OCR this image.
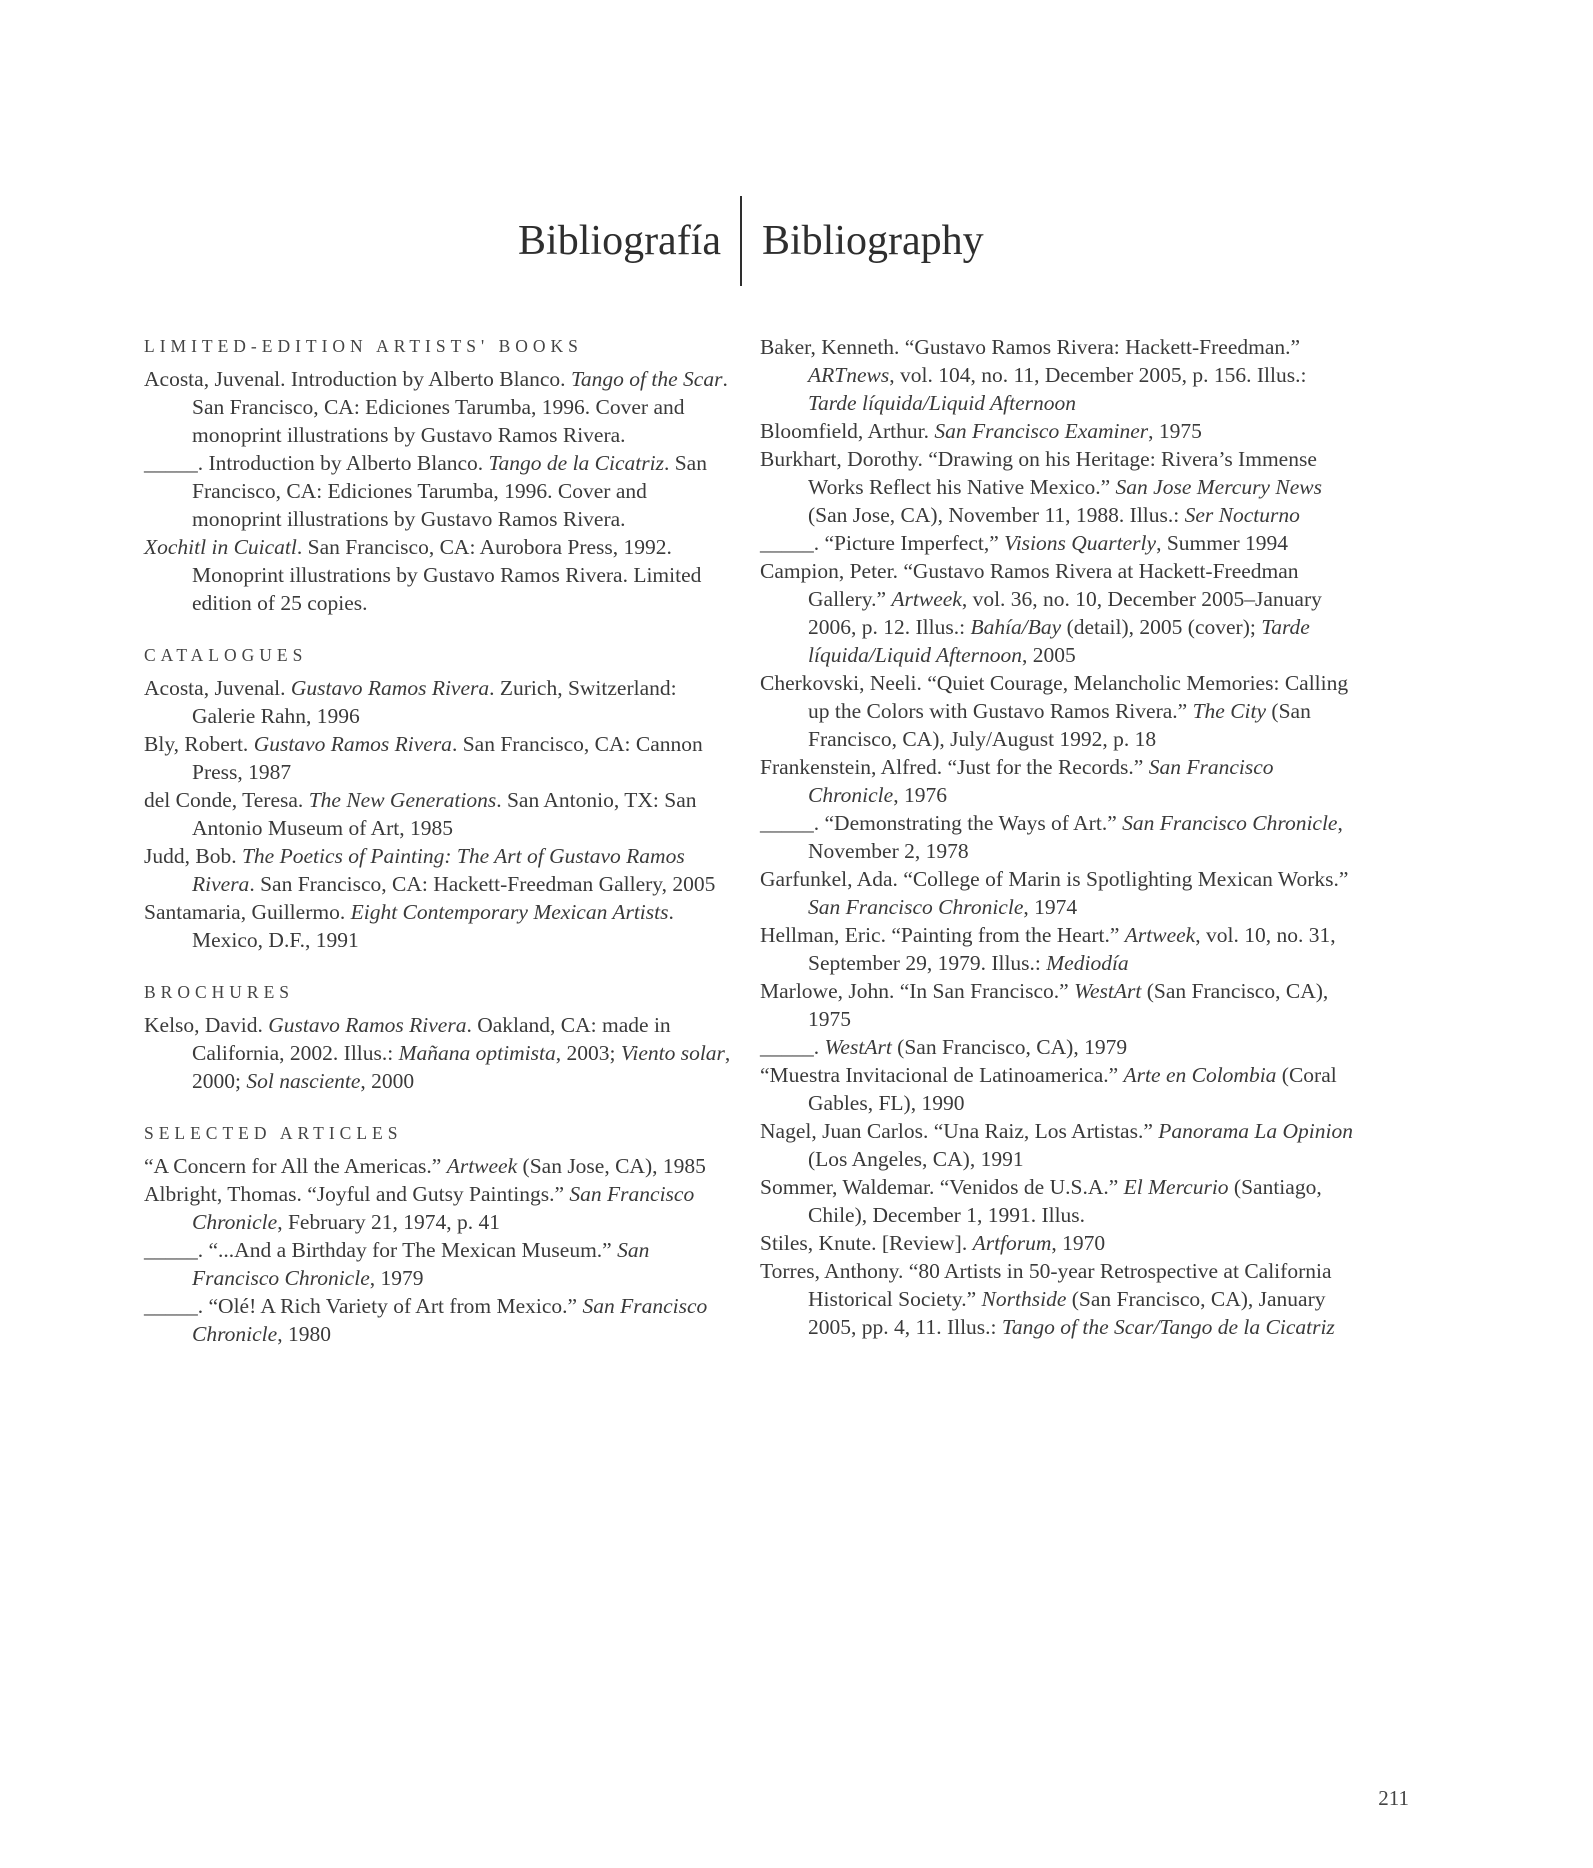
Bibliografía Bibliography
LIMITED-EDITION ARTISTS' BOOKS

Acosta, Juvenal. Introduction by Alberto Blanco. Tango of the Scar. San Francisco, CA: Ediciones Tarumba, 1996. Cover and monoprint illustrations by Gustavo Ramos Rivera.

_____. Introduction by Alberto Blanco. Tango de la Cicatriz. San Francisco, CA: Ediciones Tarumba, 1996. Cover and monoprint illustrations by Gustavo Ramos Rivera.

Xochitl in Cuicatl. San Francisco, CA: Aurobora Press, 1992. Monoprint illustrations by Gustavo Ramos Rivera. Limited edition of 25 copies.

CATALOGUES

Acosta, Juvenal. Gustavo Ramos Rivera. Zurich, Switzerland: Galerie Rahn, 1996

Bly, Robert. Gustavo Ramos Rivera. San Francisco, CA: Cannon Press, 1987

del Conde, Teresa. The New Generations. San Antonio, TX: San Antonio Museum of Art, 1985

Judd, Bob. The Poetics of Painting: The Art of Gustavo Ramos Rivera. San Francisco, CA: Hackett-Freedman Gallery, 2005

Santamaria, Guillermo. Eight Contemporary Mexican Artists. Mexico, D.F., 1991

BROCHURES

Kelso, David. Gustavo Ramos Rivera. Oakland, CA: made in California, 2002. Illus.: Mañana optimista, 2003; Viento solar, 2000; Sol nasciente, 2000

SELECTED ARTICLES

“A Concern for All the Americas.” Artweek (San Jose, CA), 1985

Albright, Thomas. “Joyful and Gutsy Paintings.” San Francisco Chronicle, February 21, 1974, p. 41

_____. “...And a Birthday for The Mexican Museum.” San Francisco Chronicle, 1979

_____. “Olé! A Rich Variety of Art from Mexico.” San Francisco Chronicle, 1980

Baker, Kenneth. “Gustavo Ramos Rivera: Hackett-Freedman.” ARTnews, vol. 104, no. 11, December 2005, p. 156. Illus.: Tarde líquida/Liquid Afternoon

Bloomfield, Arthur. San Francisco Examiner, 1975

Burkhart, Dorothy. “Drawing on his Heritage: Rivera’s Immense Works Reflect his Native Mexico.” San Jose Mercury News (San Jose, CA), November 11, 1988. Illus.: Ser Nocturno

_____. “Picture Imperfect,” Visions Quarterly, Summer 1994

Campion, Peter. “Gustavo Ramos Rivera at Hackett-Freedman Gallery.” Artweek, vol. 36, no. 10, December 2005–January 2006, p. 12. Illus.: Bahía/Bay (detail), 2005 (cover); Tarde líquida/Liquid Afternoon, 2005

Cherkovski, Neeli. “Quiet Courage, Melancholic Memories: Calling up the Colors with Gustavo Ramos Rivera.” The City (San Francisco, CA), July/August 1992, p. 18

Frankenstein, Alfred. “Just for the Records.” San Francisco Chronicle, 1976

_____. “Demonstrating the Ways of Art.” San Francisco Chronicle, November 2, 1978

Garfunkel, Ada. “College of Marin is Spotlighting Mexican Works.” San Francisco Chronicle, 1974

Hellman, Eric. “Painting from the Heart.” Artweek, vol. 10, no. 31, September 29, 1979. Illus.: Mediodía

Marlowe, John. “In San Francisco.” WestArt (San Francisco, CA), 1975

_____. WestArt (San Francisco, CA), 1979

“Muestra Invitacional de Latinoamerica.” Arte en Colombia (Coral Gables, FL), 1990

Nagel, Juan Carlos. “Una Raiz, Los Artistas.” Panorama La Opinion (Los Angeles, CA), 1991

Sommer, Waldemar. “Venidos de U.S.A.” El Mercurio (Santiago, Chile), December 1, 1991. Illus.

Stiles, Knute. [Review]. Artforum, 1970

Torres, Anthony. “80 Artists in 50-year Retrospective at California Historical Society.” Northside (San Francisco, CA), January 2005, pp. 4, 11. Illus.: Tango of the Scar/Tango de la Cicatriz

211
